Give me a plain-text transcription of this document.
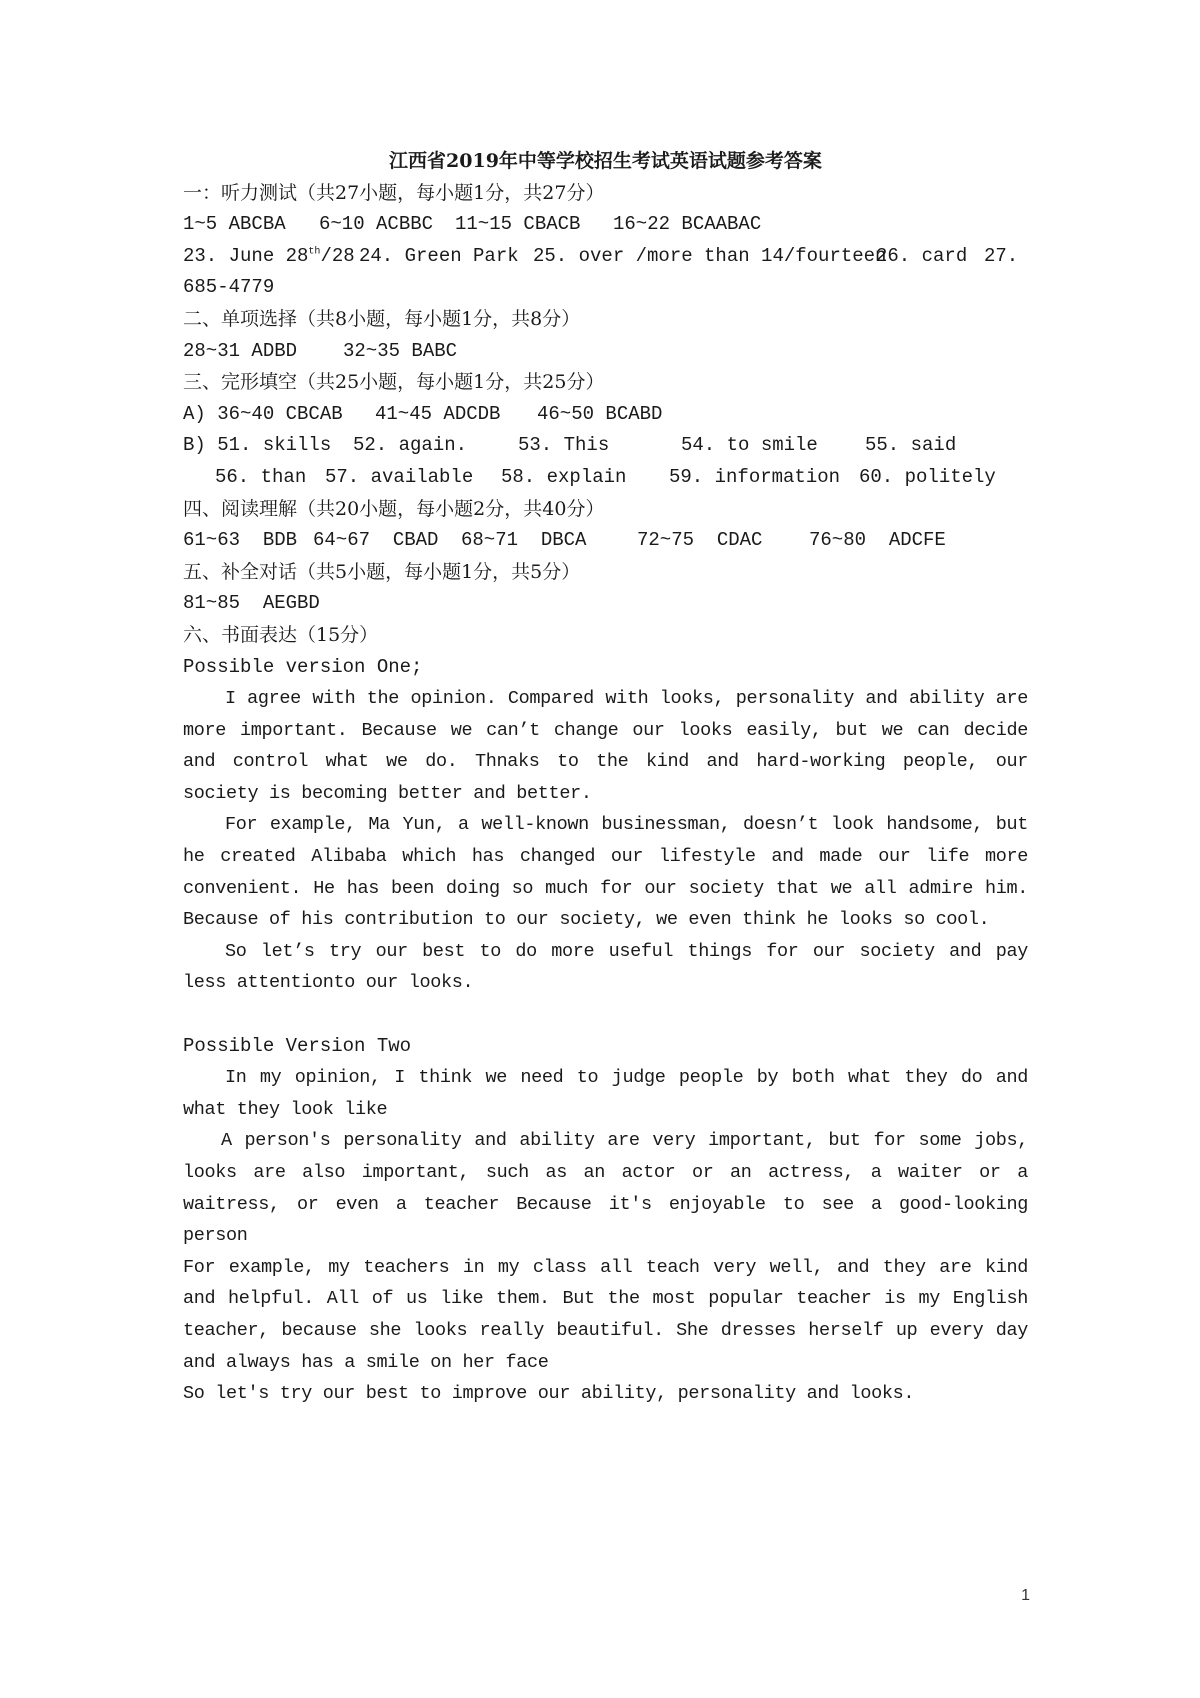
江西省2019年中等学校招生考试英语试题参考答案

一：听力测试（共27小题，每小题1分，共27分）

1~5 ABCBA	6~10 ACBBC	11~15 CBACB	16~22 BCAABAC
23. June 28th/28 24. Green Park 25. over /more than 14/fourteen
26. card 27.

685-4779

二、单项选择（共8小题，每小题1分，共8分）

28~31 ADBD	32~35 BABC

三、完形填空（共25小题，每小题1分，共25分）

A) 36~40 CBCAB	41~45 ADCDB	46~50 BCABD
B) 51. skills	52. again.	53. This	54. to smile	55. said
56. than 57. available	58. explain	59. information 60. politely

四、阅读理解（共20小题，每小题2分，共40分）

61~63  BDB 64~67  CBAD	68~71  DBCA	72~75  CDAC	76~80  ADCFE

五、补全对话（共5小题，每小题1分，共5分）

81~85  AEGBD

六、书面表达（15分）

Possible version One;

I agree with the opinion. Compared with looks, personality and ability are more important. Because we can’t change our looks easily, but we can decide and control what we do. Thnaks to the kind and hard-working people, our society is becoming better and better.

For example, Ma Yun, a well-known businessman, doesn’t look handsome, but he created Alibaba which has changed our lifestyle and made our life more convenient. He has been doing so much for our society that we all admire him. Because of his contribution to our society, we even think he looks so cool.

So let’s try our best to do more useful things for our society and pay less attentionto our looks.

Possible Version Two

In my opinion, I think we need to judge people by both what they do and what they look like

A person's personality and ability are very important, but for some jobs, looks are also important, such as an actor or an actress, a waiter or a waitress, or even a teacher Because it's enjoyable to see a good-looking person

For example, my teachers in my class all teach very well, and they are kind and helpful. All of us like them. But the most popular teacher is my English teacher, because she looks really beautiful. She dresses herself up every day and always has a smile on her face

So let's try our best to improve our ability, personality and looks.

1
